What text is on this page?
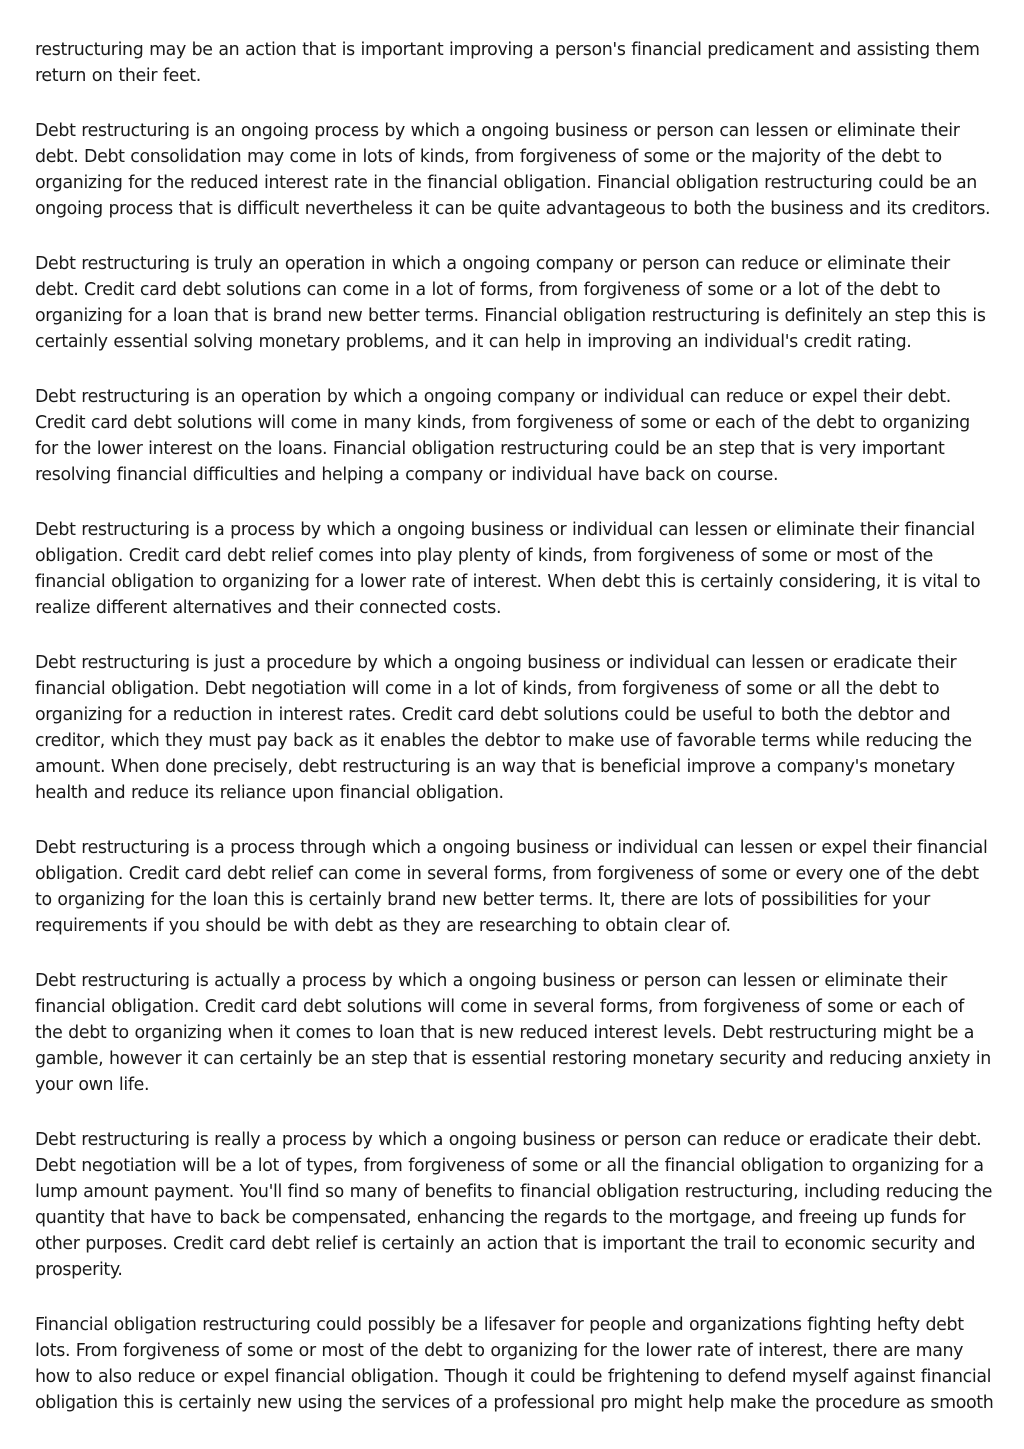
restructuring may be an action that is important improving a person's financial predicament and assisting them return on their feet.

Debt restructuring is an ongoing process by which a ongoing business or person can lessen or eliminate their debt. Debt consolidation may come in lots of kinds, from forgiveness of some or the majority of the debt to organizing for the reduced interest rate in the financial obligation. Financial obligation restructuring could be an ongoing process that is difficult nevertheless it can be quite advantageous to both the business and its creditors.

Debt restructuring is truly an operation in which a ongoing company or person can reduce or eliminate their debt. Credit card debt solutions can come in a lot of forms, from forgiveness of some or a lot of the debt to organizing for a loan that is brand new better terms. Financial obligation restructuring is definitely an step this is certainly essential solving monetary problems, and it can help in improving an individual's credit rating.

Debt restructuring is an operation by which a ongoing company or individual can reduce or expel their debt. Credit card debt solutions will come in many kinds, from forgiveness of some or each of the debt to organizing for the lower interest on the loans. Financial obligation restructuring could be an step that is very important resolving financial difficulties and helping a company or individual have back on course.

Debt restructuring is a process by which a ongoing business or individual can lessen or eliminate their financial obligation. Credit card debt relief comes into play plenty of kinds, from forgiveness of some or most of the financial obligation to organizing for a lower rate of interest. When debt this is certainly considering, it is vital to realize different alternatives and their connected costs.

Debt restructuring is just a procedure by which a ongoing business or individual can lessen or eradicate their financial obligation. Debt negotiation will come in a lot of kinds, from forgiveness of some or all the debt to organizing for a reduction in interest rates. Credit card debt solutions could be useful to both the debtor and creditor, which they must pay back as it enables the debtor to make use of favorable terms while reducing the amount. When done precisely, debt restructuring is an way that is beneficial improve a company's monetary health and reduce its reliance upon financial obligation.

Debt restructuring is a process through which a ongoing business or individual can lessen or expel their financial obligation. Credit card debt relief can come in several forms, from forgiveness of some or every one of the debt to organizing for the loan this is certainly brand new better terms. It, there are lots of possibilities for your requirements if you should be with debt as they are researching to obtain clear of.

Debt restructuring is actually a process by which a ongoing business or person can lessen or eliminate their financial obligation. Credit card debt solutions will come in several forms, from forgiveness of some or each of the debt to organizing when it comes to loan that is new reduced interest levels. Debt restructuring might be a gamble, however it can certainly be an step that is essential restoring monetary security and reducing anxiety in your own life.

Debt restructuring is really a process by which a ongoing business or person can reduce or eradicate their debt. Debt negotiation will be a lot of types, from forgiveness of some or all the financial obligation to organizing for a lump amount payment. You'll find so many of benefits to financial obligation restructuring, including reducing the quantity that have to back be compensated, enhancing the regards to the mortgage, and freeing up funds for other purposes. Credit card debt relief is certainly an action that is important the trail to economic security and prosperity.

Financial obligation restructuring could possibly be a lifesaver for people and organizations fighting hefty debt lots. From forgiveness of some or most of the debt to organizing for the lower rate of interest, there are many how to also reduce or expel financial obligation. Though it could be frightening to defend myself against financial obligation this is certainly new using the services of a professional pro might help make the procedure as smooth
